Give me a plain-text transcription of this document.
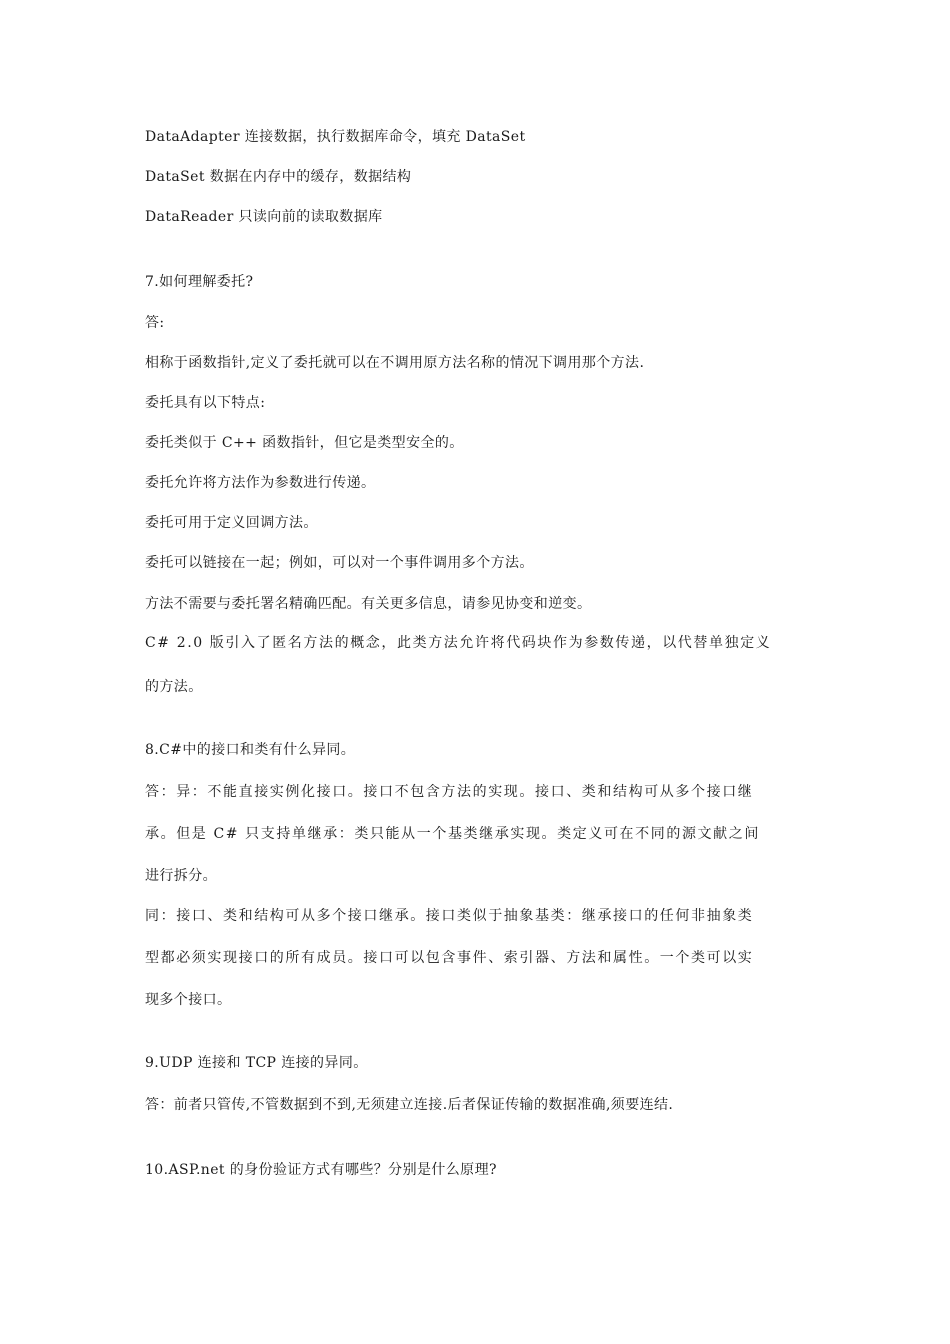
DataAdapter 连接数据，执行数据库命令，填充 DataSet
DataSet 数据在内存中的缓存，数据结构
DataReader 只读向前的读取数据库
7.如何理解委托?
答:
相称于函数指针,定义了委托就可以在不调用原方法名称的情况下调用那个方法.
委托具有以下特点:
委托类似于 C++ 函数指针，但它是类型安全的。
委托允许将方法作为参数进行传递。
委托可用于定义回调方法。
委托可以链接在一起；例如，可以对一个事件调用多个方法。
方法不需要与委托署名精确匹配。有关更多信息，请参见协变和逆变。
C# 2.0 版引入了匿名方法的概念，此类方法允许将代码块作为参数传递，以代替单独定义
的方法。
8.C#中的接口和类有什么异同。
答：异：不能直接实例化接口。接口不包含方法的实现。接口、类和结构可从多个接口继
承。但是 C# 只支持单继承：类只能从一个基类继承实现。类定义可在不同的源文献之间
进行拆分。
同：接口、类和结构可从多个接口继承。接口类似于抽象基类：继承接口的任何非抽象类
型都必须实现接口的所有成员。接口可以包含事件、索引器、方法和属性。一个类可以实
现多个接口。
9.UDP 连接和 TCP 连接的异同。
答：前者只管传,不管数据到不到,无须建立连接.后者保证传输的数据准确,须要连结.
10.ASP.net 的身份验证方式有哪些？分别是什么原理?
